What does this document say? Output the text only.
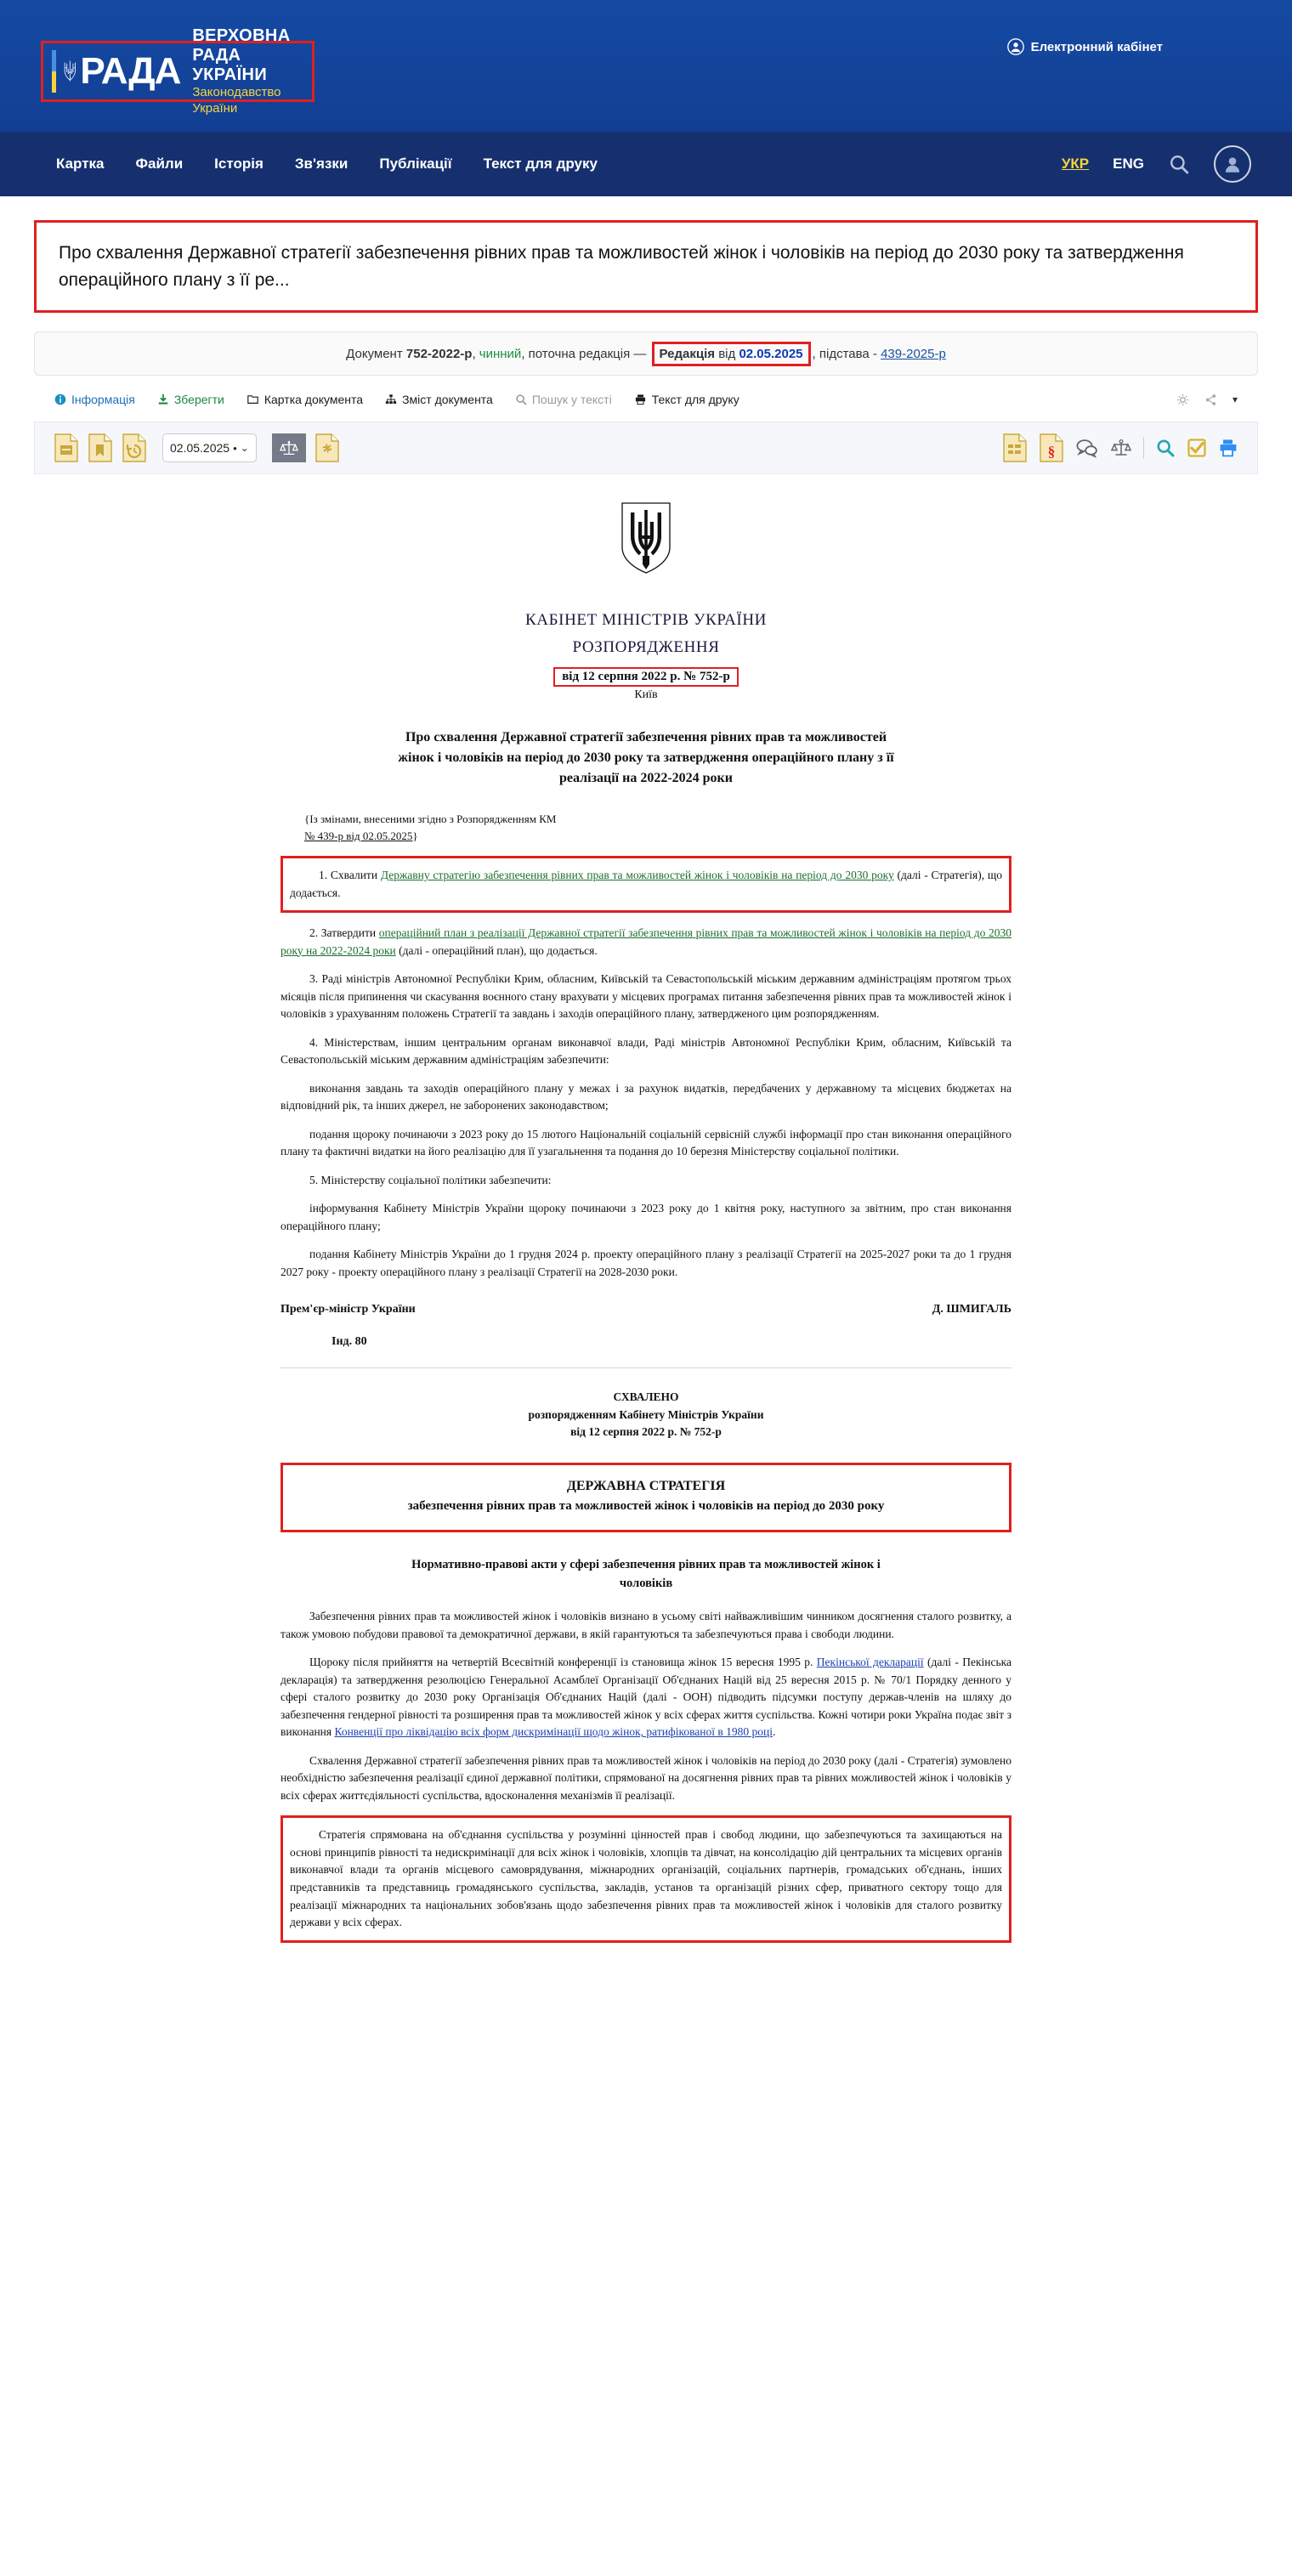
РАДА
ВЕРХОВНА РАДА УКРАЇНИ
Законодавство України
Електронний кабінет
Картка Файли Історія Зв'язки Публікації Текст для друку	УКР ENG
Про схвалення Державної стратегії забезпечення рівних прав та можливостей жінок і чоловіків на період до 2030 року та затвердження операційного плану з її ре...
Документ
752-2022-р , чинний , поточна редакція —
	Редакція від 02.05.2025 , підстава -
439-2025-р
Інформація	Зберегти	Картка документа	Зміст документа	Пошук у тексті	Текст для друку	▾
02.05.2025 • ⌄	§
КАБІНЕТ МІНІСТРІВ УКРАЇНИ
РОЗПОРЯДЖЕННЯ
від 12 серпня 2022 р. № 752-р
Київ
Про схвалення Державної стратегії забезпечення рівних прав та можливостей жінок і чоловіків на період до 2030 року та затвердження операційного плану з її реалізації на 2022-2024 роки
{Із змінами, внесеними згідно з Розпорядженням КМ
№ 439-р від 02.05.2025}

1. Схвалити Державну стратегію забезпечення рівних прав та можливостей жінок і чоловіків на період до 2030 року (далі - Стратегія), що додається.

2. Затвердити операційний план з реалізації Державної стратегії забезпечення рівних прав та можливостей жінок і чоловіків на період до 2030 року на 2022-2024 роки (далі - операційний план), що додається.

3. Раді міністрів Автономної Республіки Крим, обласним, Київській та Севастопольській міським державним адміністраціям протягом трьох місяців після припинення чи скасування воєнного стану врахувати у місцевих програмах питання забезпечення рівних прав та можливостей жінок і чоловіків з урахуванням положень Стратегії та завдань і заходів операційного плану, затвердженого цим розпорядженням.

4. Міністерствам, іншим центральним органам виконавчої влади, Раді міністрів Автономної Республіки Крим, обласним, Київській та Севастопольській міським державним адміністраціям забезпечити:

виконання завдань та заходів операційного плану у межах і за рахунок видатків, передбачених у державному та місцевих бюджетах на відповідний рік, та інших джерел, не заборонених законодавством;

подання щороку починаючи з 2023 року до 15 лютого Національній соціальній сервісній службі інформації про стан виконання операційного плану та фактичні видатки на його реалізацію для її узагальнення та подання до 10 березня Міністерству соціальної політики.

5. Міністерству соціальної політики забезпечити:

інформування Кабінету Міністрів України щороку починаючи з 2023 року до 1 квітня року, наступного за звітним, про стан виконання операційного плану;

подання Кабінету Міністрів України до 1 грудня 2024 р. проекту операційного плану з реалізації Стратегії на 2025-2027 роки та до 1 грудня 2027 року - проекту операційного плану з реалізації Стратегії на 2028-2030 роки.

Прем'єр-міністр України	Д. ШМИГАЛЬ
Інд. 80
СХВАЛЕНО
розпорядженням Кабінету Міністрів України
від 12 серпня 2022 р. № 752-р
ДЕРЖАВНА СТРАТЕГІЯ
забезпечення рівних прав та можливостей жінок і чоловіків на період до 2030 року
Нормативно-правові акти у сфері забезпечення рівних прав та можливостей жінок і чоловіків

Забезпечення рівних прав та можливостей жінок і чоловіків визнано в усьому світі найважливішим чинником досягнення сталого розвитку, а також умовою побудови правової та демократичної держави, в якій гарантуються та забезпечуються права і свободи людини.

Щороку після прийняття на четвертій Всесвітній конференції із становища жінок 15 вересня 1995 р. Пекінської декларації (далі - Пекінська декларація) та затвердження резолюцією Генеральної Асамблеї Організації Об'єднаних Націй від 25 вересня 2015 р. № 70/1 Порядку денного у сфері сталого розвитку до 2030 року Організація Об'єднаних Націй (далі - ООН) підводить підсумки поступу держав-членів на шляху до забезпечення гендерної рівності та розширення прав та можливостей жінок у всіх сферах життя суспільства. Кожні чотири роки Україна подає звіт з виконання Конвенції про ліквідацію всіх форм дискримінації щодо жінок, ратифікованої в 1980 році.

Схвалення Державної стратегії забезпечення рівних прав та можливостей жінок і чоловіків на період до 2030 року (далі - Стратегія) зумовлено необхідністю забезпечення реалізації єдиної державної політики, спрямованої на досягнення рівних прав та рівних можливостей жінок і чоловіків у всіх сферах життєдіяльності суспільства, вдосконалення механізмів її реалізації.

Стратегія спрямована на об'єднання суспільства у розумінні цінностей прав і свобод людини, що забезпечуються та захищаються на основі принципів рівності та недискримінації для всіх жінок і чоловіків, хлопців та дівчат, на консолідацію дій центральних та місцевих органів виконавчої влади та органів місцевого самоврядування, міжнародних організацій, соціальних партнерів, громадських об'єднань, інших представників та представниць громадянського суспільства, закладів, установ та організацій різних сфер, приватного сектору тощо для реалізації міжнародних та національних зобов'язань щодо забезпечення рівних прав та можливостей жінок і чоловіків для сталого розвитку держави у всіх сферах.
